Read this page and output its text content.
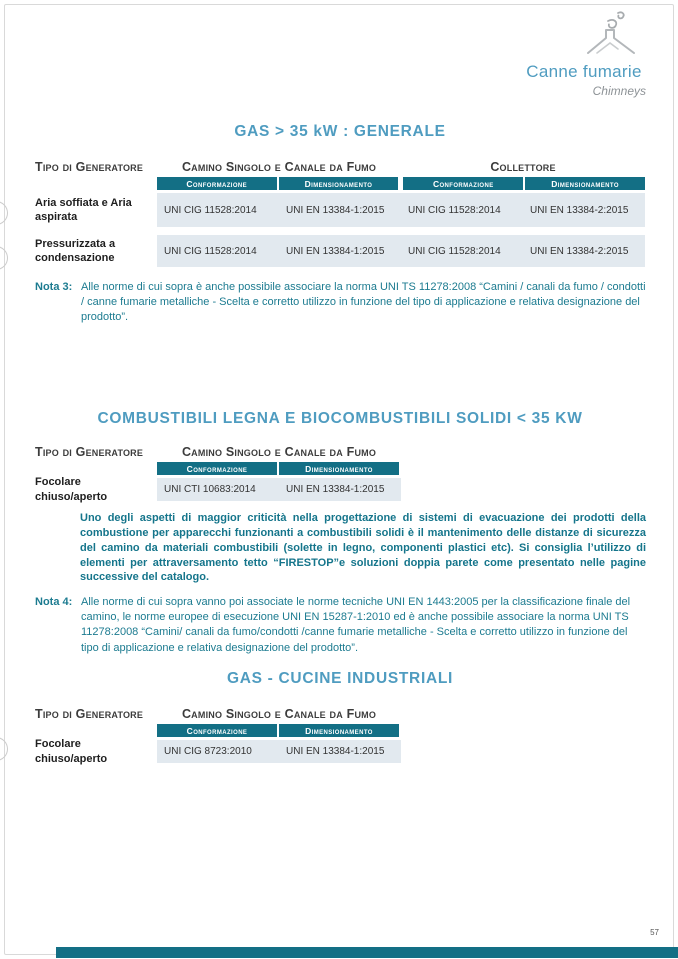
Canne fumarie
Chimneys
GAS > 35 kW : GENERALE
Tipo di Generatore	Camino Singolo e Canale da Fumo	Collettore
Conformazione	Dimensionamento	Conformazione	Dimensionamento
Aria soffiata e Aria aspirata
UNI CIG 11528:2014	UNI EN 13384-1:2015	UNI CIG 11528:2014	UNI EN 13384-2:2015
Pressurizzata a condensazione
UNI CIG 11528:2014	UNI EN 13384-1:2015	UNI CIG 11528:2014	UNI EN 13384-2:2015
Nota 3: Alle norme di cui sopra è anche possibile associare la norma UNI TS 11278:2008 “Camini / canali da fumo / condotti / canne fumarie metalliche - Scelta e corretto utilizzo in funzione del tipo di applicazione e relativa designazione del prodotto”.
COMBUSTIBILI LEGNA E BIOCOMBUSTIBILI SOLIDI < 35 KW
Tipo di Generatore	Camino Singolo e Canale da Fumo
Conformazione	Dimensionamento
Focolare chiuso/aperto
UNI CTI 10683:2014	UNI EN 13384-1:2015
Uno degli aspetti di maggior criticità nella progettazione di sistemi di evacuazione dei prodotti della combustione per apparecchi funzionanti a combustibili solidi è il mantenimento delle distanze di sicurezza del camino da materiali combustibili (solette in legno, componenti plastici etc). Si consiglia l’utilizzo di elementi per attraversamento tetto “FIRESTOP”e soluzioni doppia parete come presentato nelle pagine successive del catalogo.
Nota 4: Alle norme di cui sopra vanno poi associate le norme tecniche UNI EN 1443:2005 per la classificazione finale del camino, le norme europee di esecuzione UNI EN 15287-1:2010 ed è anche possibile associare la norma UNI TS 11278:2008 “Camini/ canali da fumo/condotti /canne fumarie metalliche - Scelta e corretto utilizzo in funzione del tipo di applicazione e relativa designazione del prodotto”.
GAS - CUCINE INDUSTRIALI
Tipo di Generatore	Camino Singolo e Canale da Fumo
Conformazione	Dimensionamento
Focolare chiuso/aperto
UNI CIG 8723:2010	UNI EN 13384-1:2015
57
